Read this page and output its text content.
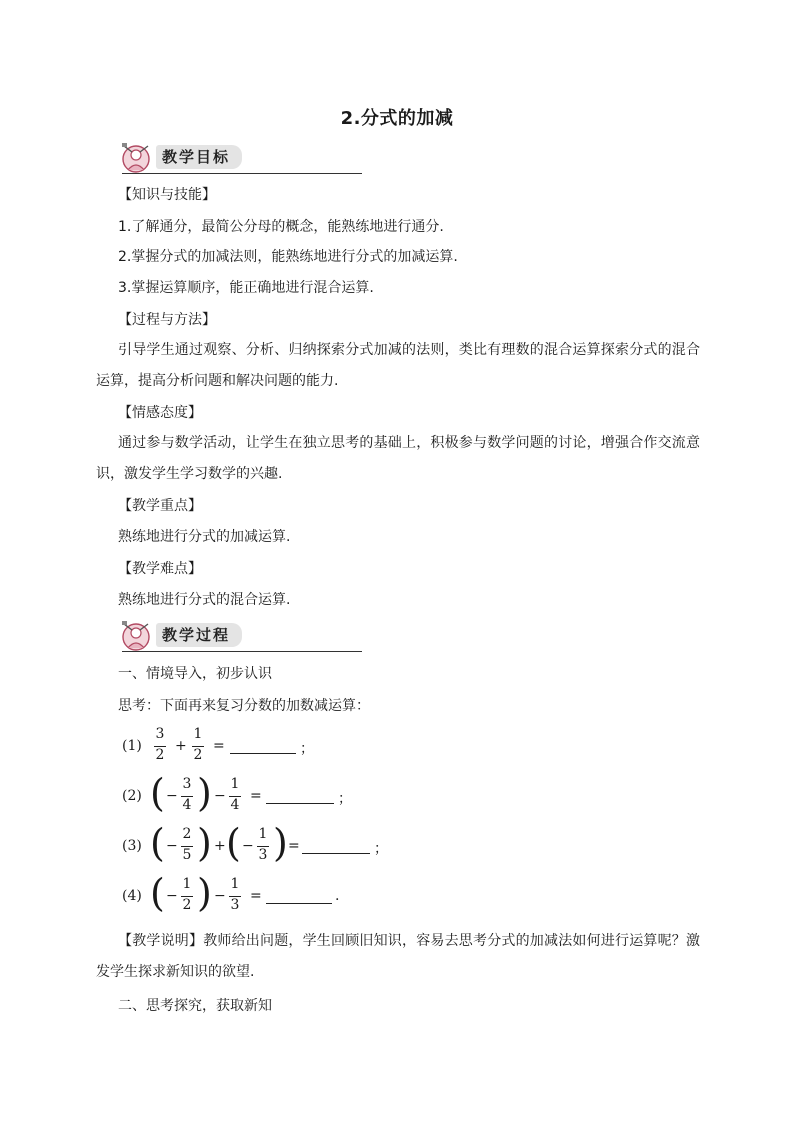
2.分式的加减
教学目标
【知识与技能】
1.了解通分，最简公分母的概念，能熟练地进行通分.
2.掌握分式的加减法则，能熟练地进行分式的加减运算.
3.掌握运算顺序，能正确地进行混合运算.
【过程与方法】
引导学生通过观察、分析、归纳探索分式加减的法则，类比有理数的混合运算探索分式的混合运算，提高分析问题和解决问题的能力.
【情感态度】
通过参与数学活动，让学生在独立思考的基础上，积极参与数学问题的讨论，增强合作交流意识，激发学生学习数学的兴趣.
【教学重点】
熟练地进行分式的加减运算.
【教学难点】
熟练地进行分式的混合运算.
教学过程
一、情境导入，初步认识
思考：下面再来复习分数的加数减运算：
(1)
3
2
+
1
2
=	；
(2) ( −
3
4 ) −
1
4
=	；
(3) ( −
2
5 ) + ( −
1
3 ) =	；
(4) ( −
1
2 ) −
1
3
=	.
【教学说明】教师给出问题，学生回顾旧知识，容易去思考分式的加减法如何进行运算呢？激发学生探求新知识的欲望.
二、思考探究，获取新知
